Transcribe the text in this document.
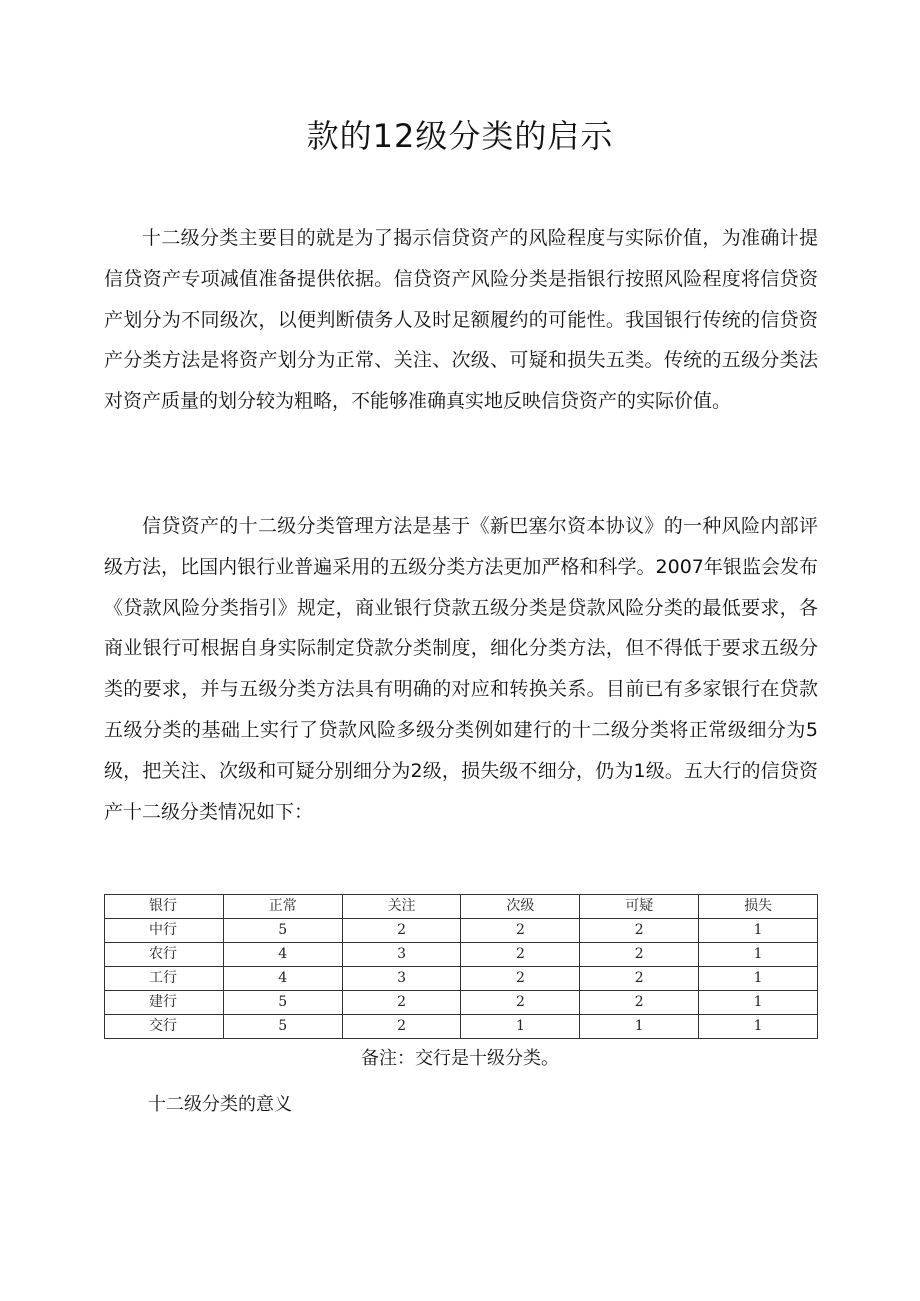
款的12级分类的启示

十二级分类主要目的就是为了揭示信贷资产的风险程度与实际价值，为准确计提信贷资产专项减值准备提供依据。信贷资产风险分类是指银行按照风险程度将信贷资产划分为不同级次，以便判断债务人及时足额履约的可能性。我国银行传统的信贷资产分类方法是将资产划分为正常、关注、次级、可疑和损失五类。传统的五级分类法对资产质量的划分较为粗略，不能够准确真实地反映信贷资产的实际价值。

信贷资产的十二级分类管理方法是基于《新巴塞尔资本协议》的一种风险内部评级方法，比国内银行业普遍采用的五级分类方法更加严格和科学。2007年银监会发布《贷款风险分类指引》规定，商业银行贷款五级分类是贷款风险分类的最低要求，各商业银行可根据自身实际制定贷款分类制度，细化分类方法，但不得低于要求五级分类的要求，并与五级分类方法具有明确的对应和转换关系。目前已有多家银行在贷款五级分类的基础上实行了贷款风险多级分类例如建行的十二级分类将正常级细分为5级，把关注、次级和可疑分别细分为2级，损失级不细分，仍为1级。五大行的信贷资产十二级分类情况如下：

银行	正常	关注	次级	可疑	损失
中行	5	2	2	2	1
农行	4	3	2	2	1
工行	4	3	2	2	1
建行	5	2	2	2	1
交行	5	2	1	1	1

备注：交行是十级分类。

十二级分类的意义
